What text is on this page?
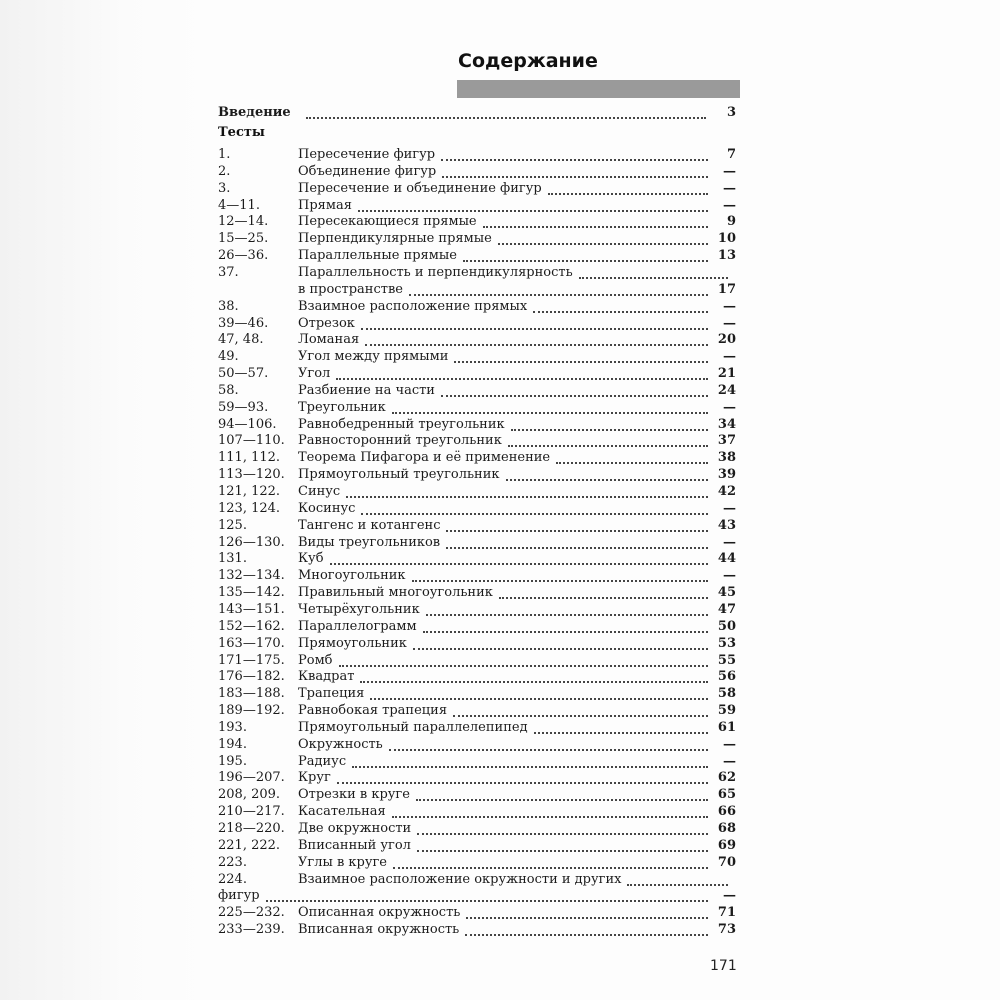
Содержание
Введение	3
Тесты
1.	Пересечение фигур	7
2.	Объединение фигур	—
3.	Пересечение и объединение фигур	—
4—11.	Прямая	—
12—14. Пересекающиеся прямые	9
15—25. Перпендикулярные прямые	10
26—36. Параллельные прямые	13
37.	Параллельность и перпендикулярность
в пространстве	17
38.	Взаимное расположение прямых	—
39—46. Отрезок	—
47, 48.	Ломаная	20
49.	Угол между прямыми	—
50—57. Угол	21
58.	Разбиение на части	24
59—93. Треугольник	—
94—106. Равнобедренный треугольник	34
107—110. Равносторонний треугольник	37
111, 112. Теорема Пифагора и её применение	38
113—120. Прямоугольный треугольник	39
121, 122. Синус	42
123, 124. Косинус	—
125.	Тангенс и котангенс	43
126—130. Виды треугольников	—
131.	Куб	44
132—134. Многоугольник	—
135—142. Правильный многоугольник	45
143—151. Четырёхугольник	47
152—162. Параллелограмм	50
163—170. Прямоугольник	53
171—175. Ромб	55
176—182. Квадрат	56
183—188. Трапеция	58
189—192. Равнобокая трапеция	59
193.	Прямоугольный параллелепипед	61
194.	Окружность	—
195.	Радиус	—
196—207. Круг	62
208, 209. Отрезки в круге	65
210—217. Касательная	66
218—220. Две окружности	68
221, 222. Вписанный угол	69
223.	Углы в круге	70
224.	Взаимное расположение окружности и других
фигур	—
225—232. Описанная окружность	71
233—239. Вписанная окружность	73
171
